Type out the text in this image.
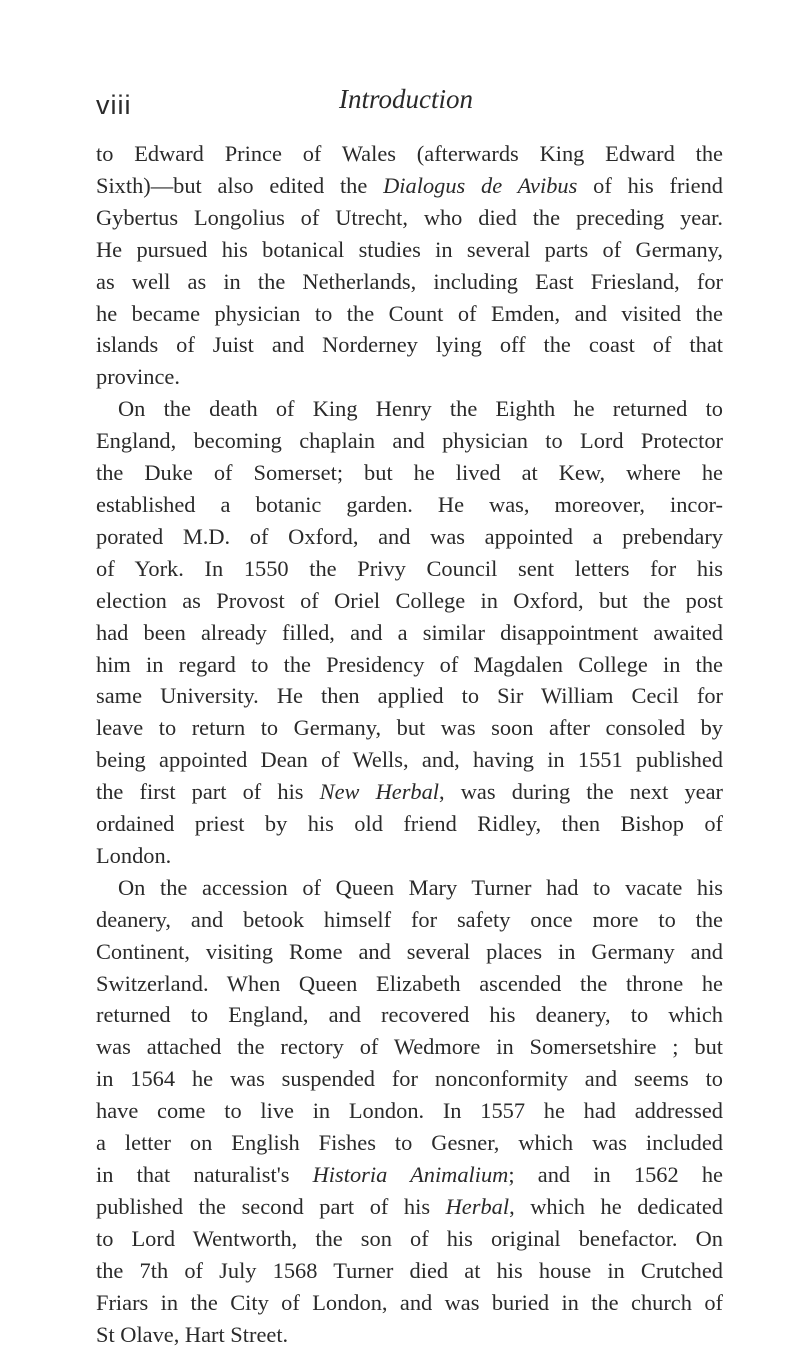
viii	Introduction
to Edward Prince of Wales (afterwards King Edward the
Sixth)—but also edited the Dialogus de Avibus of his friend
Gybertus Longolius of Utrecht, who died the preceding year.
He pursued his botanical studies in several parts of Germany,
as well as in the Netherlands, including East Friesland, for
he became physician to the Count of Emden, and visited the
islands of Juist and Norderney lying off the coast of that
province.
On the death of King Henry the Eighth he returned to
England, becoming chaplain and physician to Lord Protector
the Duke of Somerset; but he lived at Kew, where he
established a botanic garden. He was, moreover, incor-
porated M.D. of Oxford, and was appointed a prebendary
of York. In 1550 the Privy Council sent letters for his
election as Provost of Oriel College in Oxford, but the post
had been already filled, and a similar disappointment awaited
him in regard to the Presidency of Magdalen College in the
same University. He then applied to Sir William Cecil for
leave to return to Germany, but was soon after consoled by
being appointed Dean of Wells, and, having in 1551 published
the first part of his New Herbal, was during the next year
ordained priest by his old friend Ridley, then Bishop of
London.
On the accession of Queen Mary Turner had to vacate his
deanery, and betook himself for safety once more to the
Continent, visiting Rome and several places in Germany and
Switzerland. When Queen Elizabeth ascended the throne he
returned to England, and recovered his deanery, to which
was attached the rectory of Wedmore in Somersetshire ; but
in 1564 he was suspended for nonconformity and seems to
have come to live in London. In 1557 he had addressed
a letter on English Fishes to Gesner, which was included
in that naturalist's Historia Animalium; and in 1562 he
published the second part of his Herbal, which he dedicated
to Lord Wentworth, the son of his original benefactor. On
the 7th of July 1568 Turner died at his house in Crutched
Friars in the City of London, and was buried in the church of
St Olave, Hart Street.
